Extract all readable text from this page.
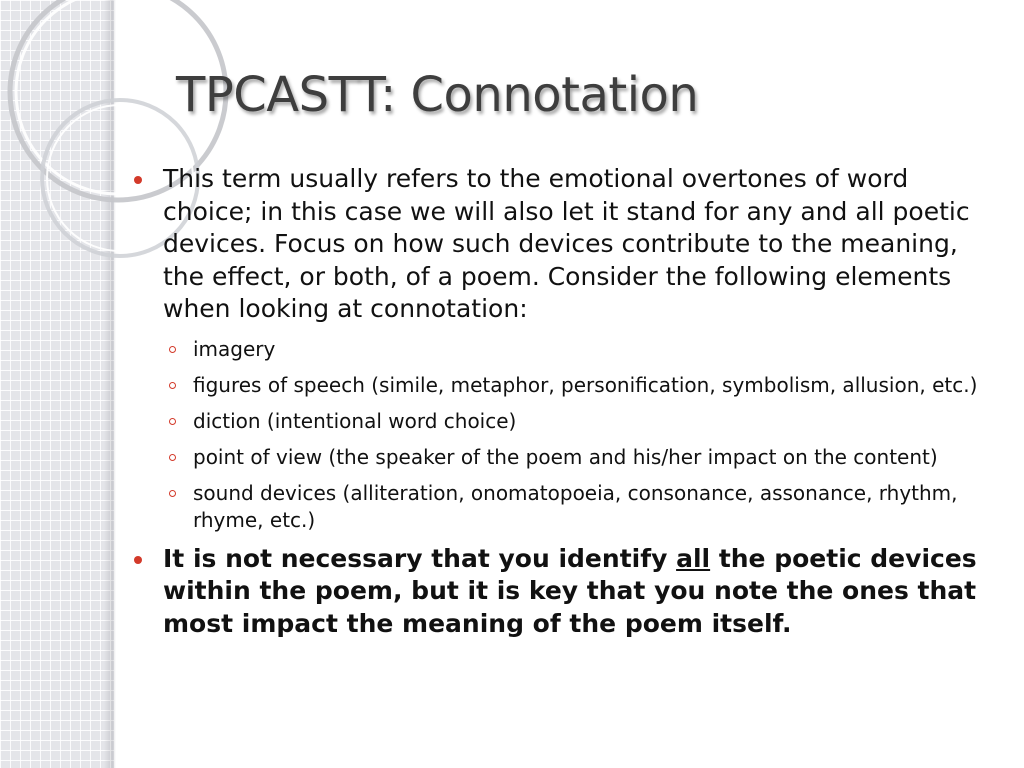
TPCASTT: Connotation
This term usually refers to the emotional overtones of word choice; in this case we will also let it stand for any and all poetic devices. Focus on how such devices contribute to the meaning, the effect, or both, of a poem. Consider the following elements when looking at connotation:
imagery
figures of speech (simile, metaphor, personification, symbolism, allusion, etc.)
diction (intentional word choice)
point of view (the speaker of the poem and his/her impact on the content)
sound devices (alliteration, onomatopoeia, consonance, assonance, rhythm, rhyme, etc.)
It is not necessary that you identify all the poetic devices within the poem, but it is key that you note the ones that most impact the meaning of the poem itself.
